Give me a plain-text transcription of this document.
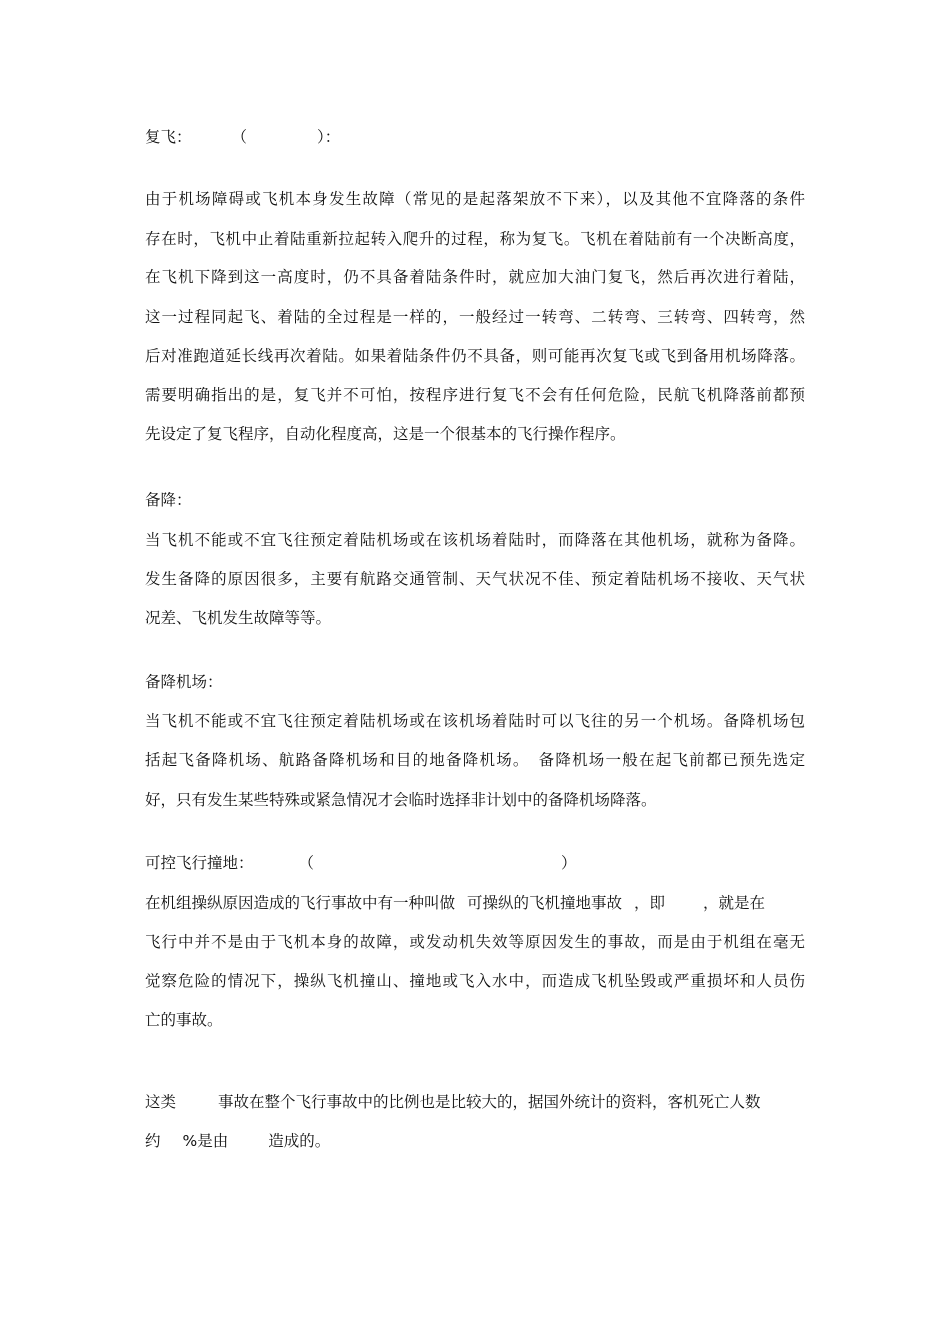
复飞：	（	）：
由于机场障碍或飞机本身发生故障（常见的是起落架放不下来），以及其他不宜降落的条件
存在时，飞机中止着陆重新拉起转入爬升的过程，称为复飞。飞机在着陆前有一个决断高度，
在飞机下降到这一高度时，仍不具备着陆条件时，就应加大油门复飞，然后再次进行着陆，
这一过程同起飞、着陆的全过程是一样的，一般经过一转弯、二转弯、三转弯、四转弯，然
后对准跑道延长线再次着陆。如果着陆条件仍不具备，则可能再次复飞或飞到备用机场降落。
需要明确指出的是，复飞并不可怕，按程序进行复飞不会有任何危险，民航飞机降落前都预
先设定了复飞程序，自动化程度高，这是一个很基本的飞行操作程序。
备降：
当飞机不能或不宜飞往预定着陆机场或在该机场着陆时，而降落在其他机场，就称为备降。
发生备降的原因很多，主要有航路交通管制、天气状况不佳、预定着陆机场不接收、天气状
况差、飞机发生故障等等。
备降机场：
当飞机不能或不宜飞往预定着陆机场或在该机场着陆时可以飞往的另一个机场。备降机场包
括起飞备降机场、航路备降机场和目的地备降机场。　备降机场一般在起飞前都已预先选定
好，只有发生某些特殊或紧急情况才会临时选择非计划中的备降机场降落。
可控飞行撞地：	（	）
在机组操纵原因造成的飞行事故中有一种叫做 可操纵的飞机撞地事故 ，即 ，就是在
飞行中并不是由于飞机本身的故障，或发动机失效等原因发生的事故，而是由于机组在毫无
觉察危险的情况下，操纵飞机撞山、撞地或飞入水中，而造成飞机坠毁或严重损坏和人员伤
亡的事故。
这类	事故在整个飞行事故中的比例也是比较大的，据国外统计的资料，客机死亡人数
约 %是由	造成的。
